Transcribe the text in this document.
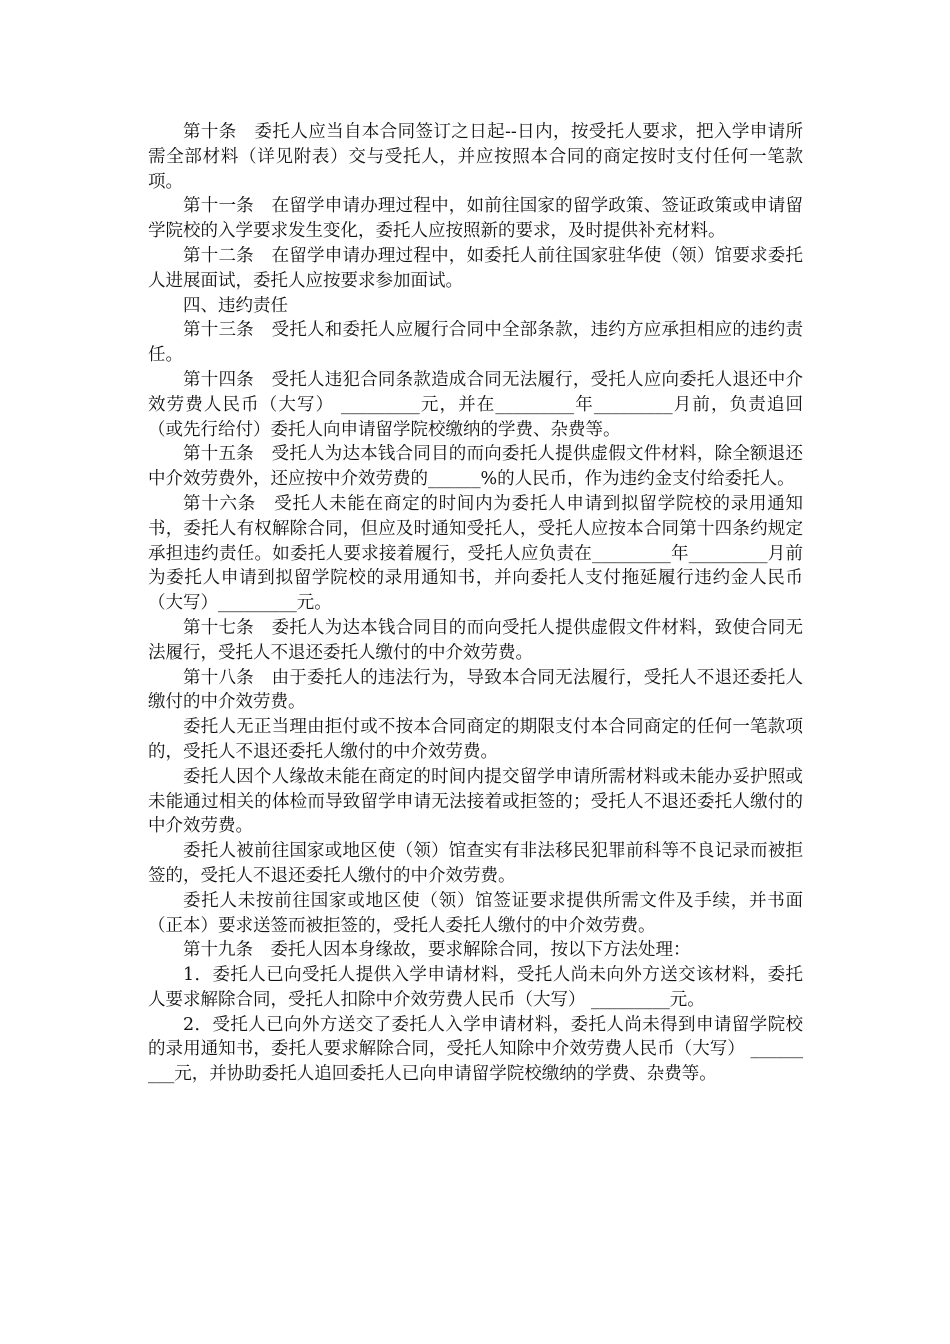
第十条　委托人应当自本合同签订之日起--日内，按受托人要求，把入学申请所需全部材料（详见附表）交与受托人，并应按照本合同的商定按时支付任何一笔款项。

第十一条　在留学申请办理过程中，如前往国家的留学政策、签证政策或申请留学院校的入学要求发生变化，委托人应按照新的要求，及时提供补充材料。

第十二条　在留学申请办理过程中，如委托人前往国家驻华使（领）馆要求委托人进展面试，委托人应按要求参加面试。

四、违约责任

第十三条　受托人和委托人应履行合同中全部条款，违约方应承担相应的违约责任。

第十四条　受托人违犯合同条款造成合同无法履行，受托人应向委托人退还中介效劳费人民币（大写） _________元，并在_________年_________月前，负责追回（或先行给付）委托人向申请留学院校缴纳的学费、杂费等。

第十五条　受托人为达本钱合同目的而向委托人提供虚假文件材料，除全额退还中介效劳费外，还应按中介效劳费的______%的人民币，作为违约金支付给委托人。

第十六条　受托人未能在商定的时间内为委托人申请到拟留学院校的录用通知书，委托人有权解除合同，但应及时通知受托人，受托人应按本合同第十四条约规定承担违约责任。如委托人要求接着履行，受托人应负责在_________年_________月前为委托人申请到拟留学院校的录用通知书，并向委托人支付拖延履行违约金人民币（大写）_________元。

第十七条　委托人为达本钱合同目的而向受托人提供虚假文件材料，致使合同无法履行，受托人不退还委托人缴付的中介效劳费。

第十八条　由于委托人的违法行为，导致本合同无法履行，受托人不退还委托人缴付的中介效劳费。

委托人无正当理由拒付或不按本合同商定的期限支付本合同商定的任何一笔款项的，受托人不退还委托人缴付的中介效劳费。

委托人因个人缘故未能在商定的时间内提交留学申请所需材料或未能办妥护照或未能通过相关的体检而导致留学申请无法接着或拒签的；受托人不退还委托人缴付的中介效劳费。

委托人被前往国家或地区使（领）馆查实有非法移民犯罪前科等不良记录而被拒签的，受托人不退还委托人缴付的中介效劳费。

委托人未按前往国家或地区使（领）馆签证要求提供所需文件及手续，并书面（正本）要求送签而被拒签的，受托人委托人缴付的中介效劳费。

第十九条　委托人因本身缘故，要求解除合同，按以下方法处理：

1．委托人已向受托人提供入学申请材料，受托人尚未向外方送交该材料，委托人要求解除合同，受托人扣除中介效劳费人民币（大写） _________元。

2．受托人已向外方送交了委托人入学申请材料，委托人尚未得到申请留学院校的录用通知书，委托人要求解除合同，受托人知除中介效劳费人民币（大写） _________元，并协助委托人追回委托人已向申请留学院校缴纳的学费、杂费等。
